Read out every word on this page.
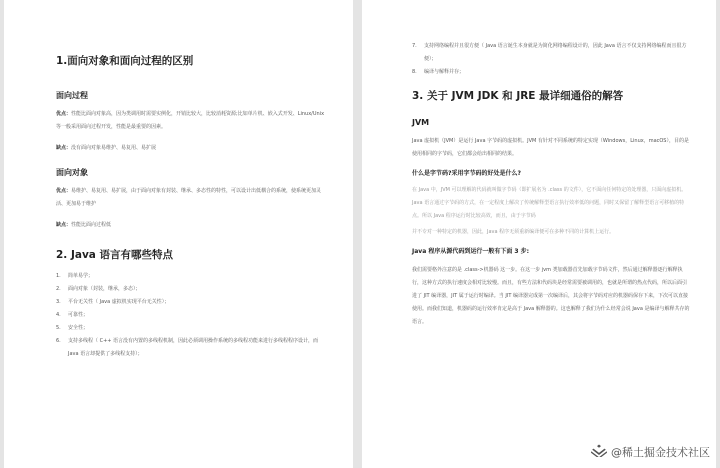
1.面向对象和面向过程的区别
面向过程

优点：性能比面向对象高，因为类调用时需要实例化，开销比较大，比较消耗资源;比如单片机、嵌入式开发、Linux/Unix 等一般采用面向过程开发，性能是最重要的因素。

缺点：没有面向对象易维护、易复用、易扩展

面向对象

优点：易维护、易复用、易扩展，由于面向对象有封装、继承、多态性的特性，可以设计出低耦合的系统，使系统更加灵活、更加易于维护

缺点：性能比面向过程低

2. Java 语言有哪些特点
1. 简单易学；
2. 面向对象（封装，继承，多态）；
3. 平台无关性（ Java 虚拟机实现平台无关性）；
4. 可靠性；
5. 安全性；
6. 支持多线程（ C++ 语言没有内置的多线程机制，因此必须调用操作系统的多线程功能来进行多线程程序设计，而 Java 语言却提供了多线程支持）；
7. 支持网络编程并且很方便（ Java 语言诞生本身就是为简化网络编程设计的，因此 Java 语言不仅支持网络编程而且很方便）；
8. 编译与解释并存；
3. 关于 JVM JDK 和 JRE 最详细通俗的解答
JVM

Java 虚拟机（JVM）是运行 Java 字节码的虚拟机。JVM 有针对不同系统的特定实现（Windows，Linux，macOS），目的是使用相同的字节码，它们都会给出相同的结果。

什么是字节码?采用字节码的好处是什么?

在 Java 中，JVM 可以理解的代码就叫做字节码（即扩展名为 .class 的文件），它不面向任何特定的处理器，只面向虚拟机。Java 语言通过字节码的方式，在一定程度上解决了传统解释型语言执行效率低的问题，同时又保留了解释型语言可移植的特点。所以 Java 程序运行时比较高效，而且，由于字节码

并不专对一种特定的机器，因此，Java 程序无须重新编译便可在多种不同的计算机上运行。

Java 程序从源代码到运行一般有下面 3 步:

我们需要格外注意的是 .class->机器码 这一步。在这一步 jvm 类加载器首先加载字节码文件，然后通过解释器逐行解释执行，这种方式的执行速度会相对比较慢。而且，有些方法和代码块是经常需要被调用的，也就是所谓的热点代码，所以后面引进了 JIT 编译器，JIT 属于运行时编译。当 JIT 编译器完成第一次编译后，其会将字节码对应的机器码保存下来，下次可以直接使用。而我们知道，机器码的运行效率肯定是高于 Java 解释器的。这也解释了我们为什么经常会说 Java 是编译与解释共存的语言。

@稀土掘金技术社区
